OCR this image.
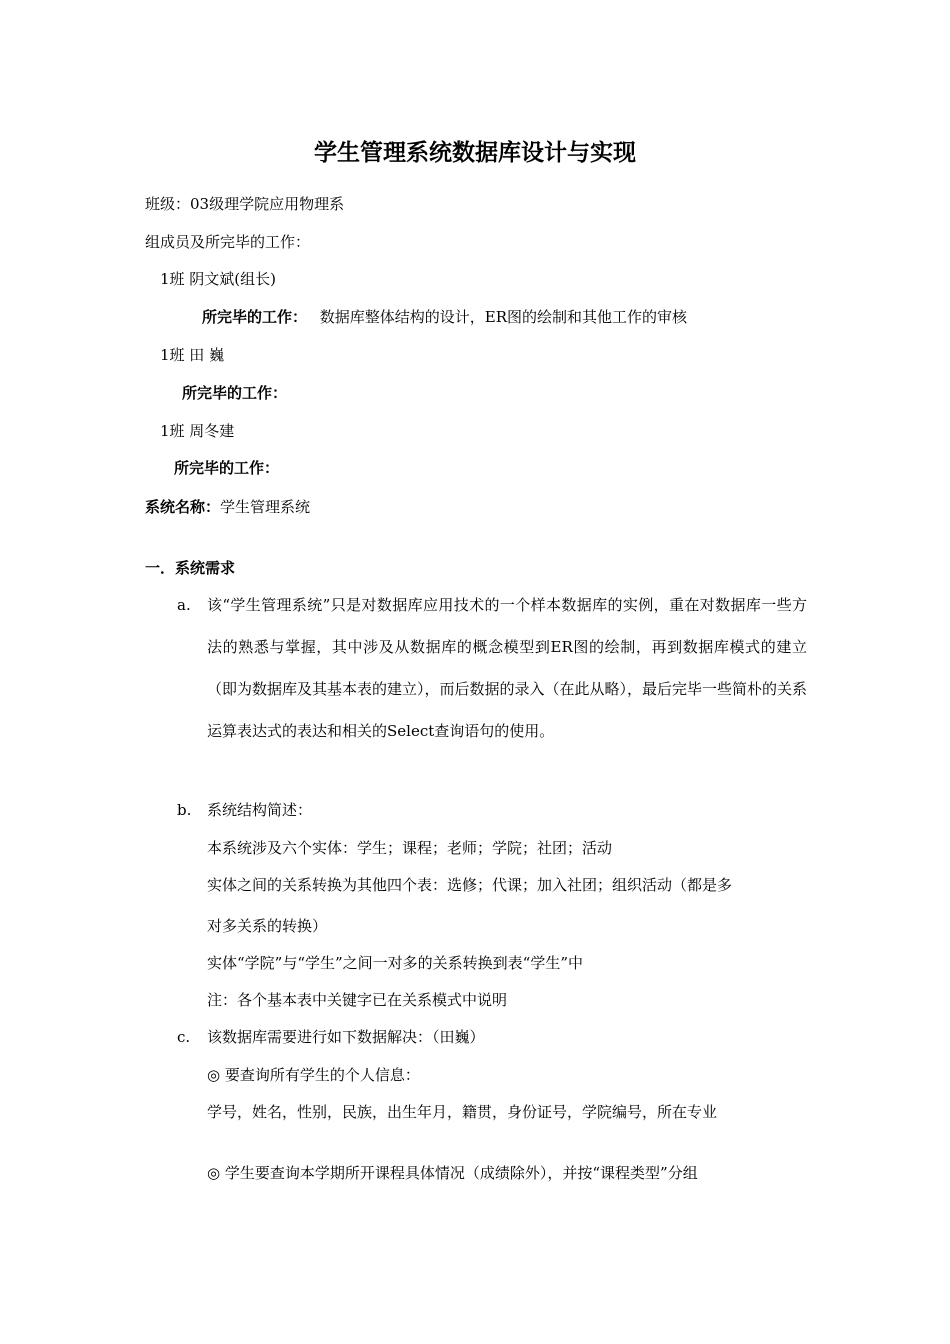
学生管理系统数据库设计与实现
班级：03级理学院应用物理系
组成员及所完毕的工作：
1班 阴文斌(组长)
所完毕的工作： 数据库整体结构的设计，ER图的绘制和其他工作的审核
1班 田 巍
所完毕的工作：
1班 周冬建
所完毕的工作：
系统名称：学生管理系统
一．系统需求
a. 该“学生管理系统”只是对数据库应用技术的一个样本数据库的实例，重在对数据库一些方法的熟悉与掌握，其中涉及从数据库的概念模型到ER图的绘制，再到数据库模式的建立（即为数据库及其基本表的建立），而后数据的录入（在此从略），最后完毕一些简朴的关系运算表达式的表达和相关的Select查询语句的使用。
b. 系统结构简述：
本系统涉及六个实体：学生；课程；老师；学院；社团；活动
实体之间的关系转换为其他四个表：选修；代课；加入社团；组织活动（都是多
对多关系的转换）
实体“学院”与“学生”之间一对多的关系转换到表“学生”中
注：各个基本表中关键字已在关系模式中说明
c. 该数据库需要进行如下数据解决：（田巍）
◎ 要查询所有学生的个人信息：
学号，姓名，性别，民族，出生年月，籍贯，身份证号，学院编号，所在专业
◎ 学生要查询本学期所开课程具体情况（成绩除外），并按“课程类型”分组
